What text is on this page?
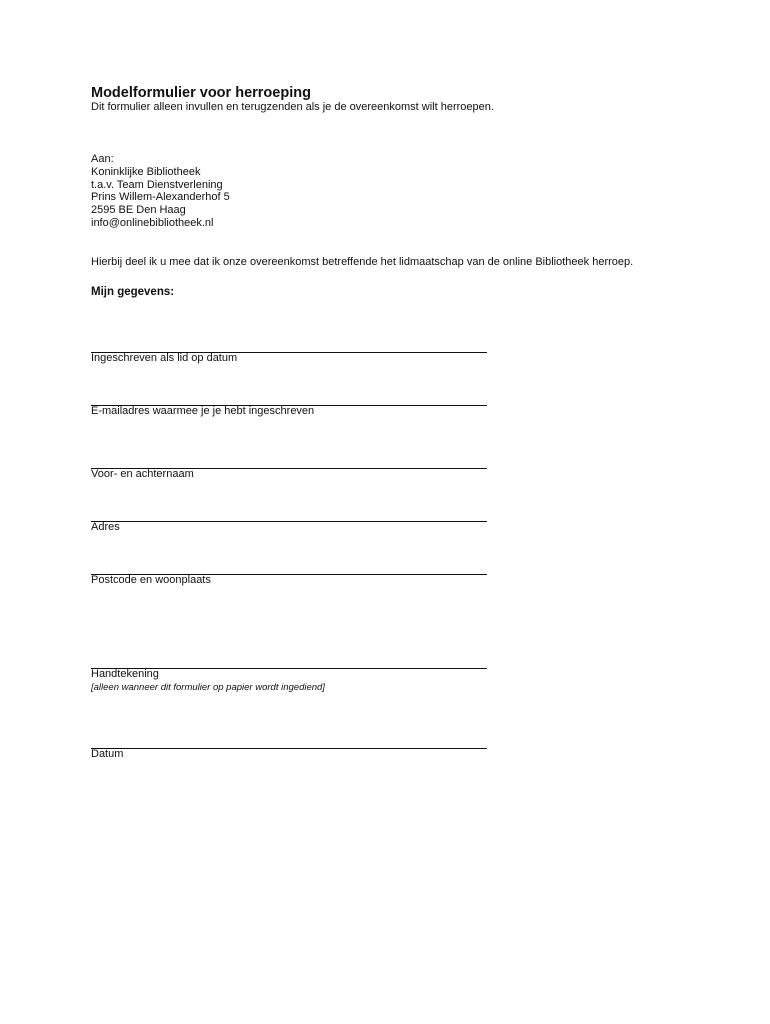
Modelformulier voor herroeping
Dit formulier alleen invullen en terugzenden als je de overeenkomst wilt herroepen.
Aan:
Koninklijke Bibliotheek
t.a.v. Team Dienstverlening
Prins Willem-Alexanderhof 5
2595 BE Den Haag
info@onlinebibliotheek.nl
Hierbij deel ik u mee dat ik onze overeenkomst betreffende het lidmaatschap van de online Bibliotheek herroep.
Mijn gegevens:
Ingeschreven als lid op datum
E-mailadres waarmee je je hebt ingeschreven
Voor- en achternaam
Adres
Postcode en woonplaats
Handtekening
[alleen wanneer dit formulier op papier wordt ingediend]
Datum
